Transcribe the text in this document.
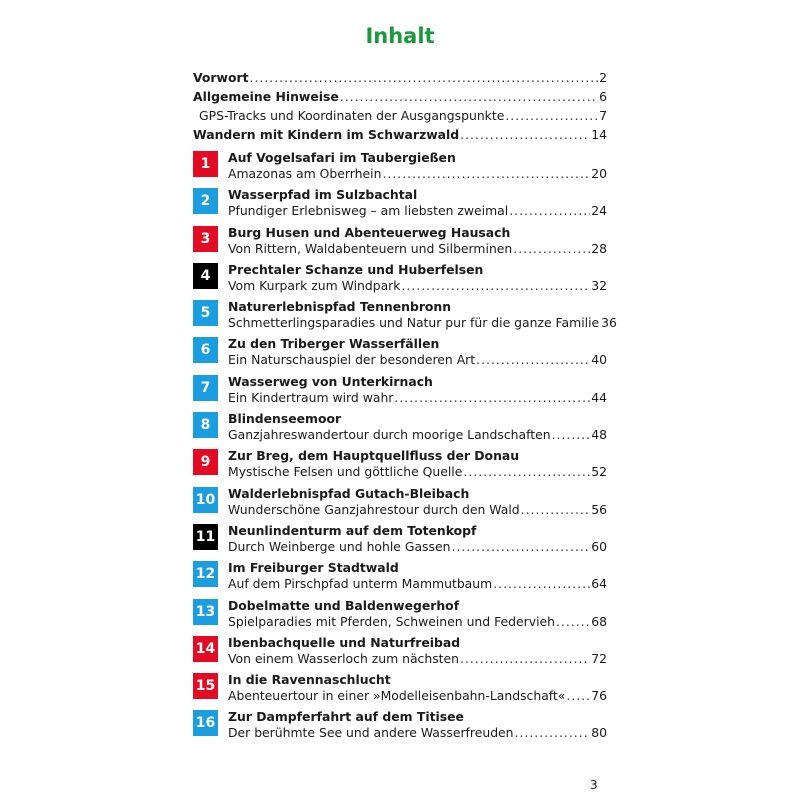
Inhalt
Vorwort .....	2
Allgemeine Hinweise .....	6
GPS-Tracks und Koordinaten der Ausgangspunkte .....	7
Wandern mit Kindern im Schwarzwald .....	14
1	Auf Vogelsafari im Taubergießen
Amazonas am Oberrhein .....	20
2	Wasserpfad im Sulzbachtal
Pfundiger Erlebnisweg – am liebsten zweimal .....	24
3	Burg Husen und Abenteuerweg Hausach
Von Rittern, Waldabenteuern und Silberminen .....	28
4	Prechtaler Schanze und Huberfelsen
Vom Kurpark zum Windpark .....	32
5	Naturerlebnispfad Tennenbronn
Schmetterlingsparadies und Natur pur für die ganze Familie 36
6	Zu den Triberger Wasserfällen
Ein Naturschauspiel der besonderen Art .....	40
7	Wasserweg von Unterkirnach
Ein Kindertraum wird wahr .....	44
8	Blindenseemoor
Ganzjahreswandertour durch moorige Landschaften .....	48
9	Zur Breg, dem Hauptquellfluss der Donau
Mystische Felsen und göttliche Quelle .....	52
10 Walderlebnispfad Gutach-Bleibach
Wunderschöne Ganzjahrestour durch den Wald .....	56
11 Neunlindenturm auf dem Totenkopf
Durch Weinberge und hohle Gassen .....	60
12 Im Freiburger Stadtwald
Auf dem Pirschpfad unterm Mammutbaum .....	64
13 Dobelmatte und Baldenwegerhof
Spielparadies mit Pferden, Schweinen und Federvieh .....	68
14 Ibenbachquelle und Naturfreibad
Von einem Wasserloch zum nächsten .....	72
15 In die Ravennaschlucht
Abenteuertour in einer »Modelleisenbahn-Landschaft« ..... 76
16 Zur Dampferfahrt auf dem Titisee
Der berühmte See und andere Wasserfreuden .....	80
3
